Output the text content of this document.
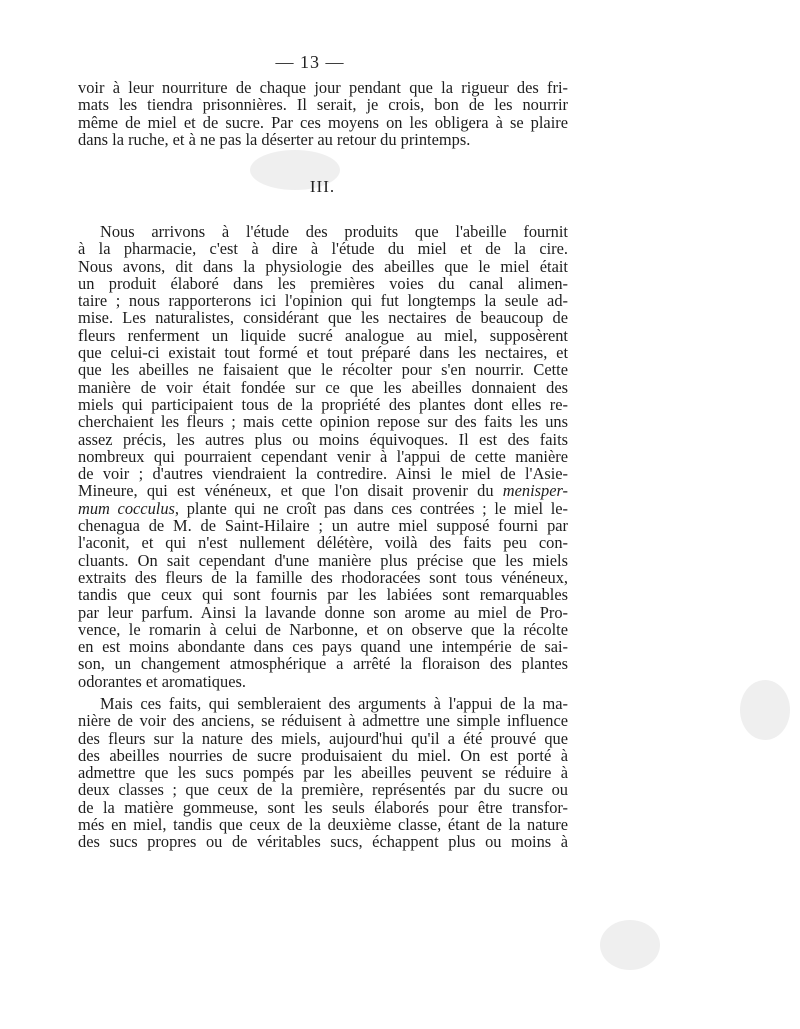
— 13 —
voir à leur nourriture de chaque jour pendant que la rigueur des fri-
mats les tiendra prisonnières. Il serait, je crois, bon de les nourrir
même de miel et de sucre. Par ces moyens on les obligera à se plaire
dans la ruche, et à ne pas la déserter au retour du printemps.
III.
Nous arrivons à l'étude des produits que l'abeille fournit
à la pharmacie, c'est à dire à l'étude du miel et de la cire.
Nous avons, dit dans la physiologie des abeilles que le miel était
un produit élaboré dans les premières voies du canal alimen-
taire ; nous rapporterons ici l'opinion qui fut longtemps la seule ad-
mise. Les naturalistes, considérant que les nectaires de beaucoup de
fleurs renferment un liquide sucré analogue au miel, supposèrent
que celui-ci existait tout formé et tout préparé dans les nectaires, et
que les abeilles ne faisaient que le récolter pour s'en nourrir. Cette
manière de voir était fondée sur ce que les abeilles donnaient des
miels qui participaient tous de la propriété des plantes dont elles re-
cherchaient les fleurs ; mais cette opinion repose sur des faits les uns
assez précis, les autres plus ou moins équivoques. Il est des faits
nombreux qui pourraient cependant venir à l'appui de cette manière
de voir ; d'autres viendraient la contredire. Ainsi le miel de l'Asie-
Mineure, qui est vénéneux, et que l'on disait provenir du menisper-
mum cocculus, plante qui ne croît pas dans ces contrées ; le miel le-
chenagua de M. de Saint-Hilaire ; un autre miel supposé fourni par
l'aconit, et qui n'est nullement délétère, voilà des faits peu con-
cluants. On sait cependant d'une manière plus précise que les miels
extraits des fleurs de la famille des rhodoracées sont tous vénéneux,
tandis que ceux qui sont fournis par les labiées sont remarquables
par leur parfum. Ainsi la lavande donne son arome au miel de Pro-
vence, le romarin à celui de Narbonne, et on observe que la récolte
en est moins abondante dans ces pays quand une intempérie de sai-
son, un changement atmosphérique a arrêté la floraison des plantes
odorantes et aromatiques.
Mais ces faits, qui sembleraient des arguments à l'appui de la ma-
nière de voir des anciens, se réduisent à admettre une simple influence
des fleurs sur la nature des miels, aujourd'hui qu'il a été prouvé que
des abeilles nourries de sucre produisaient du miel. On est porté à
admettre que les sucs pompés par les abeilles peuvent se réduire à
deux classes ; que ceux de la première, représentés par du sucre ou
de la matière gommeuse, sont les seuls élaborés pour être transfor-
més en miel, tandis que ceux de la deuxième classe, étant de la nature
des sucs propres ou de véritables sucs, échappent plus ou moins à
